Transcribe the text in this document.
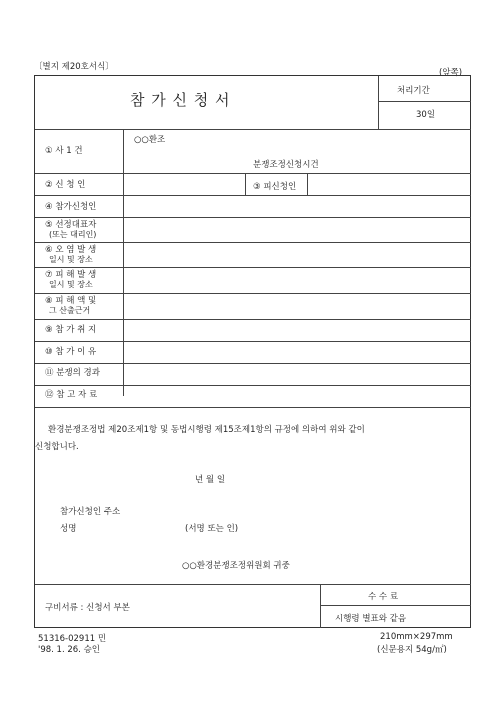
〔별지 제20호서식〕
(앞쪽)
참 가 신 청 서	처리기간
30일
① 사 1 건
○○환조
분쟁조정신청시건
② 신 청 인	③ 피신청인
④ 참가신청인
⑤ 선정대표자
(또는 대리인)
⑥ 오 염 발 생
일시 및 장소
⑦ 피 해 발 생
일시 및 장소
⑧ 피 해 액 및
그 산출근거
⑨ 참 가 취 지
⑩ 참 가 이 유
⑪ 분쟁의 경과
⑫ 참 고 자 료
환경분쟁조정법 제20조제1항 및 동법시행령 제15조제1항의 규정에 의하여 위와 같이
신청합니다.
년 월 일
참가신청인 주소
성명	(서명 또는 인)
○○환경분쟁조정위원회 귀중
구비서류 : 신청서 부본
수 수 료
시행령 별표와 같음
51316-02911 민
'98. 1. 26. 승인
210mm×297mm
(신문용지 54g/㎡)
